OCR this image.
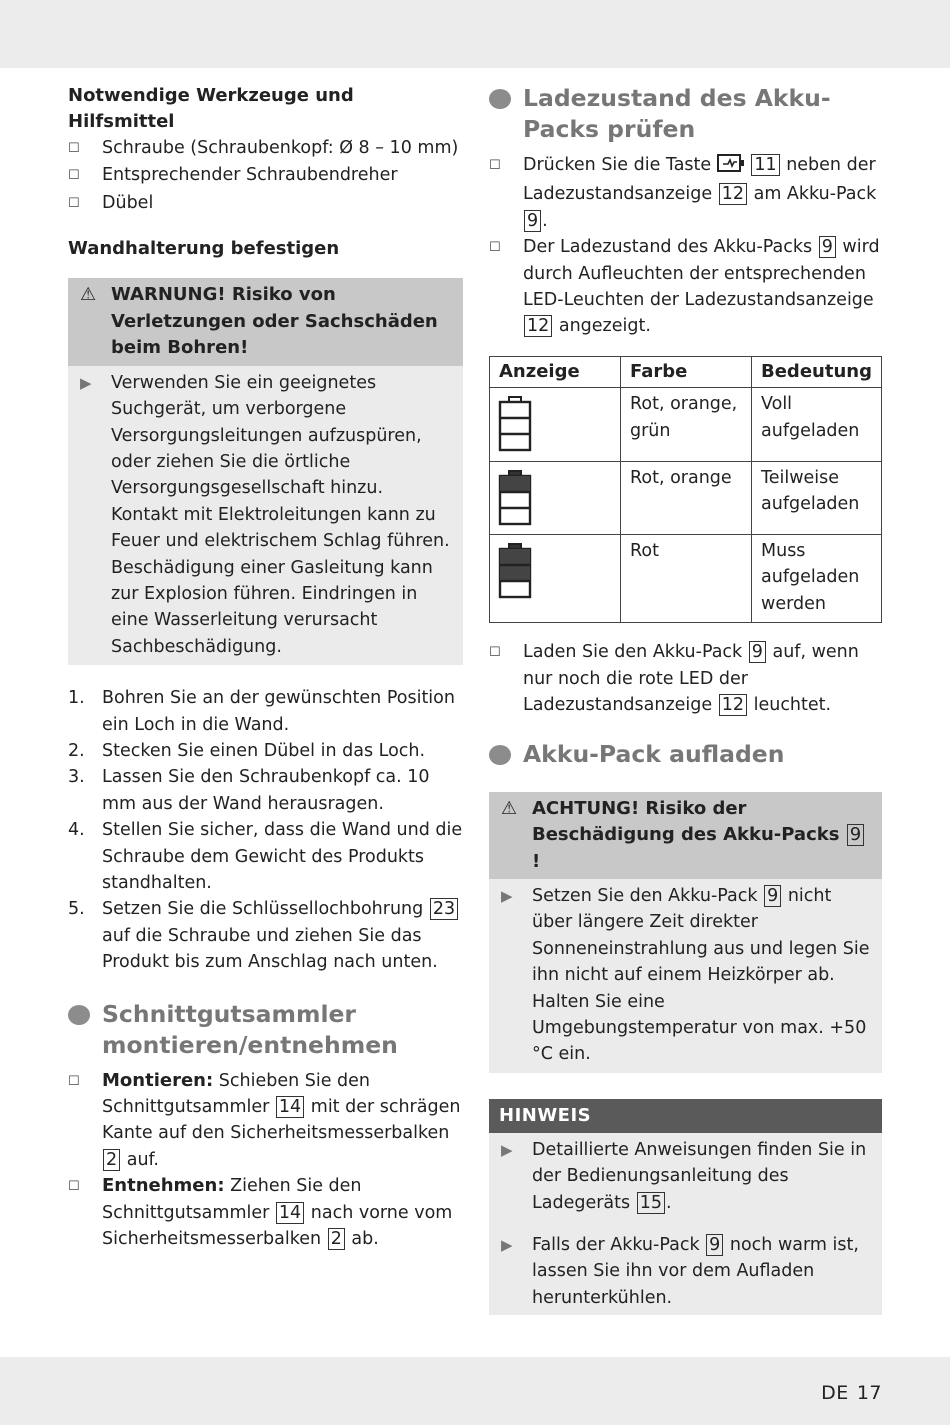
Notwendige Werkzeuge und Hilfsmittel

☐	Schraube (Schraubenkopf: Ø 8 – 10 mm)
☐	Entsprechender Schraubendreher
☐	Dübel

Wandhalterung befestigen

⚠ WARNUNG! Risiko von Verletzungen oder Sachschäden beim Bohren!
▶	Verwenden Sie ein geeignetes Suchgerät, um verborgene Versorgungsleitungen aufzuspüren, oder ziehen Sie die örtliche Versorgungsgesellschaft hinzu. Kontakt mit Elektroleitungen kann zu Feuer und elektrischem Schlag führen. Beschädigung einer Gasleitung kann zur Explosion führen. Eindringen in eine Wasserleitung verursacht Sachbeschädigung.
1. Bohren Sie an der gewünschten Position ein Loch in die Wand.
2. Stecken Sie einen Dübel in das Loch.
3. Lassen Sie den Schraubenkopf ca. 10 mm aus der Wand herausragen.
4. Stellen Sie sicher, dass die Wand und die Schraube dem Gewicht des Produkts standhalten.
5. Setzen Sie die Schlüssellochbohrung 23 auf die Schraube und ziehen Sie das Produkt bis zum Anschlag nach unten.
Schnittgutsammler montieren/entnehmen
☐	Montieren: Schieben Sie den Schnittgutsammler 14 mit der schrägen Kante auf den Sicherheitsmesserbalken 2 auf.
☐	Entnehmen: Ziehen Sie den Schnittgutsammler 14 nach vorne vom Sicherheitsmesserbalken 2 ab.
Ladezustand des Akku-Packs prüfen
☐	Drücken Sie die Taste 11 neben der Ladezustandsanzeige 12 am Akku-Pack 9 .
☐	Der Ladezustand des Akku-Packs 9 wird durch Aufleuchten der entsprechenden LED-Leuchten der Ladezustandsanzeige 12 angezeigt.
Anzeige	Farbe	Bedeutung
	Rot, orange, grün	Voll aufgeladen
	Rot, orange	Teilweise aufgeladen
	Rot	Muss aufgeladen werden
☐	Laden Sie den Akku-Pack 9 auf, wenn nur noch die rote LED der Ladezustandsanzeige 12 leuchtet.
Akku-Pack aufladen
⚠ ACHTUNG! Risiko der Beschädigung des Akku-Packs 9!
▶	Setzen Sie den Akku-Pack 9 nicht über längere Zeit direkter Sonneneinstrahlung aus und legen Sie ihn nicht auf einem Heizkörper ab. Halten Sie eine Umgebungstemperatur von max. +50 °C ein.
HINWEIS
▶	Detaillierte Anweisungen finden Sie in der Bedienungsanleitung des Ladegeräts 15 .
▶	Falls der Akku-Pack 9 noch warm ist, lassen Sie ihn vor dem Aufladen herunterkühlen.
DE 17
